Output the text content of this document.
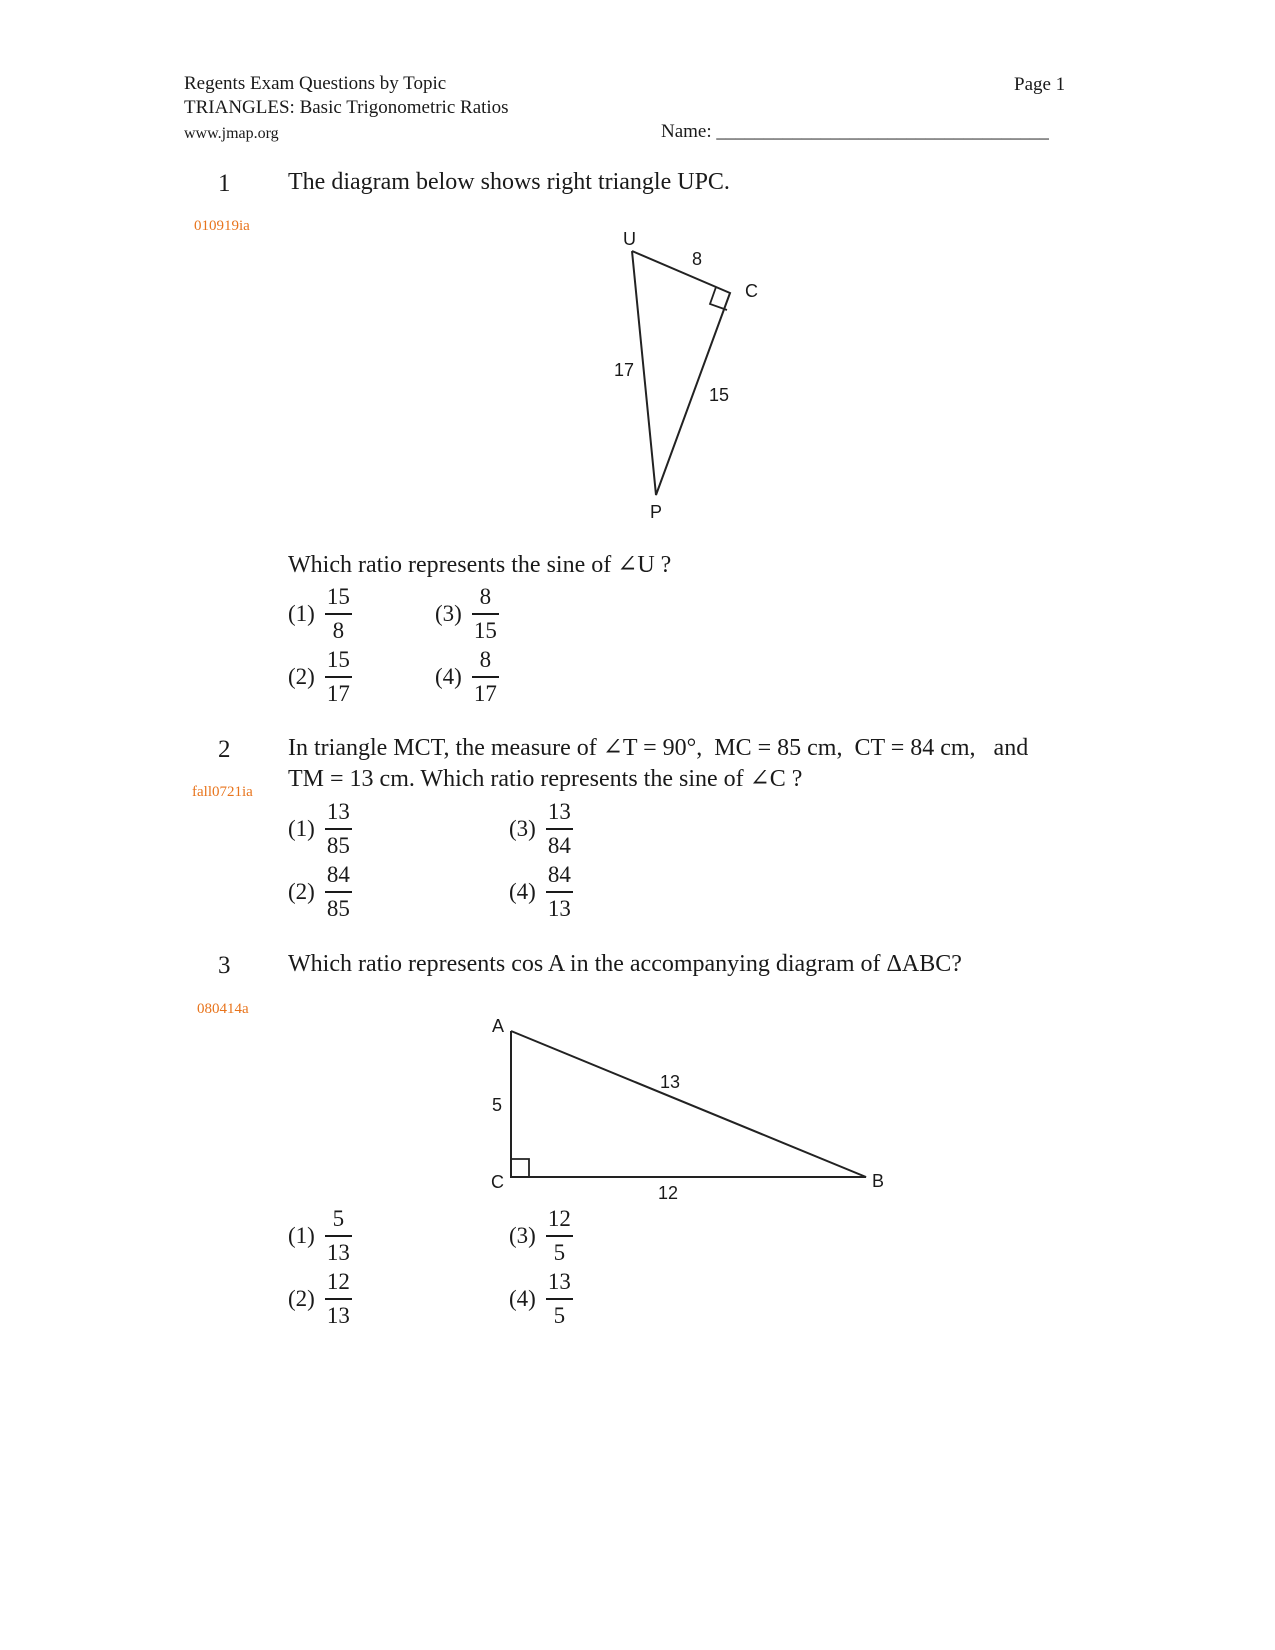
Regents Exam Questions by Topic
TRIANGLES: Basic Trigonometric Ratios
www.jmap.org
Page 1
Name: ___________________________________
1
010919ia
The diagram below shows right triangle UPC.
U
C
P
8
17
15
Which ratio represents the sine of ∠U ?
$(1) \frac{15}{8}$
$(2) \frac{15}{17}$
$(3) \frac{8}{15}$
$(4) \frac{8}{17}$
2
fall0721ia
In triangle MCT, the measure of ∠T = 90°,  MC = 85 cm,  CT = 84 cm,   and
TM = 13 cm. Which ratio represents the sine of ∠C ?
$(1) \frac{13}{85}$
$(2) \frac{84}{85}$
$(3) \frac{13}{84}$
$(4) \frac{84}{13}$
3
080414a
Which ratio represents cos A in the accompanying diagram of ΔABC?
A
C	B
5
13
12
$(1) \frac{5}{13}$
$(2) \frac{12}{13}$
$(3) \frac{12}{5}$
$(4) \frac{13}{5}$
